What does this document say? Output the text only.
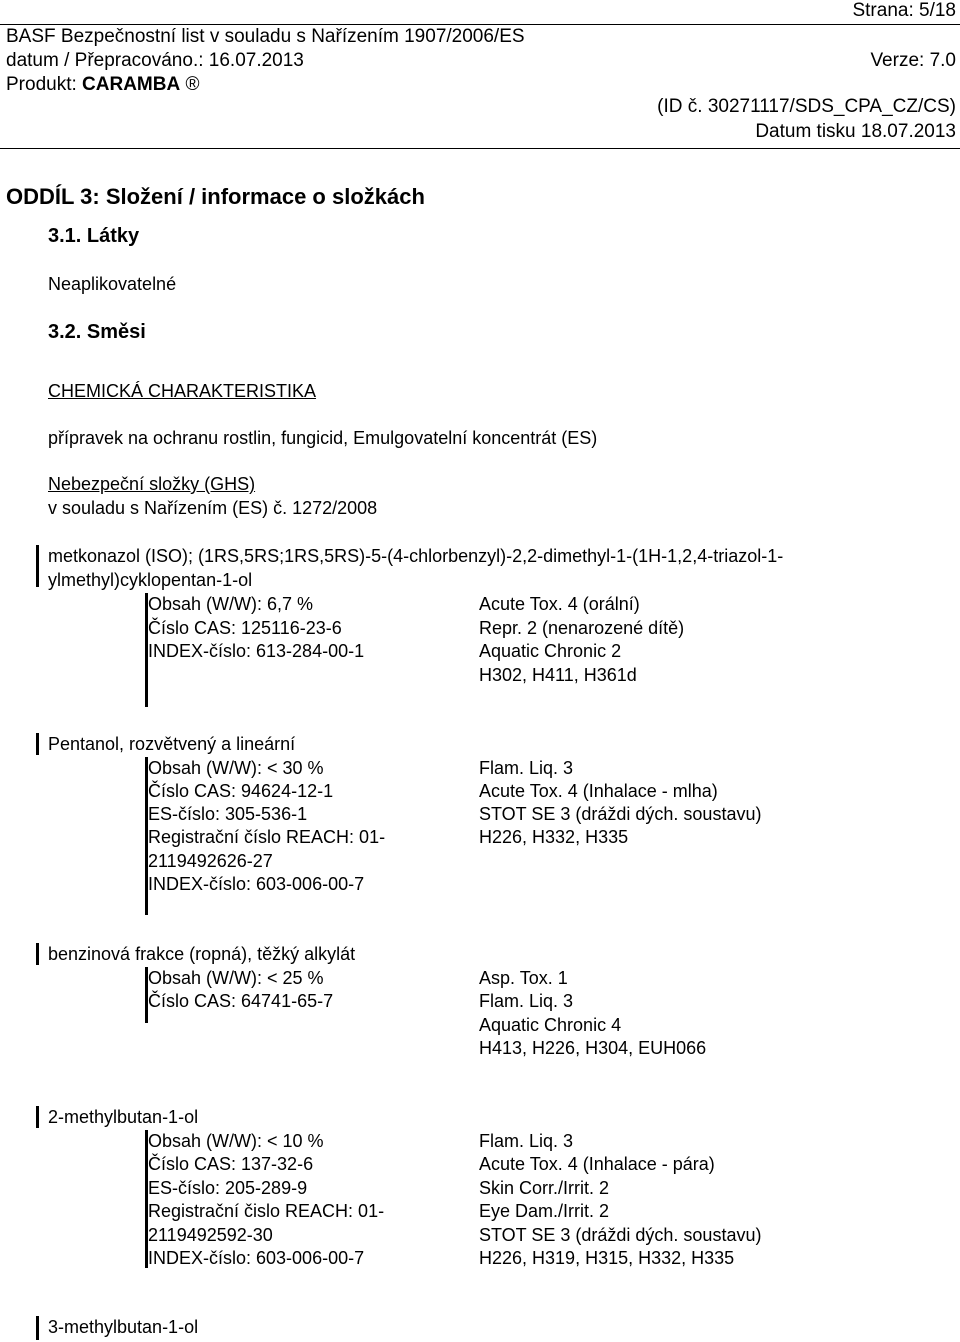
Strana: 5/18
BASF Bezpečnostní list v souladu s Nařízením 1907/2006/ES
datum / Přepracováno.: 16.07.2013	Verze: 7.0
Produkt: CARAMBA ®
(ID č. 30271117/SDS_CPA_CZ/CS)
Datum tisku 18.07.2013
ODDÍL 3: Složení / informace o složkách
3.1. Látky
Neaplikovatelné
3.2. Směsi
CHEMICKÁ CHARAKTERISTIKA
přípravek na ochranu rostlin, fungicid, Emulgovatelní koncentrát (ES)
Nebezpeční složky (GHS)
v souladu s Nařízením (ES) č. 1272/2008
metkonazol (ISO); (1RS,5RS;1RS,5RS)-5-(4-chlorbenzyl)-2,2-dimethyl-1-(1H-1,2,4-triazol-1-
ylmethyl)cyklopentan-1-ol
Obsah (W/W): 6,7 %
Číslo CAS: 125116-23-6
INDEX-číslo: 613-284-00-1
Acute Tox. 4 (orální)
Repr. 2 (nenarozené dítě)
Aquatic Chronic 2
H302, H411, H361d
Pentanol, rozvětvený a lineární
Obsah (W/W): < 30 %
Číslo CAS: 94624-12-1
ES-číslo: 305-536-1
Registrační číslo REACH: 01-
2119492626-27
INDEX-číslo: 603-006-00-7
Flam. Liq. 3
Acute Tox. 4 (Inhalace - mlha)
STOT SE 3 (dráždi dých. soustavu)
H226, H332, H335
benzinová frakce (ropná), těžký alkylát
Obsah (W/W): < 25 %
Číslo CAS: 64741-65-7
Asp. Tox. 1
Flam. Liq. 3
Aquatic Chronic 4
H413, H226, H304, EUH066
2-methylbutan-1-ol
Obsah (W/W): < 10 %
Číslo CAS: 137-32-6
ES-číslo: 205-289-9
Registrační čislo REACH: 01-
2119492592-30
INDEX-číslo: 603-006-00-7
Flam. Liq. 3
Acute Tox. 4 (Inhalace - pára)
Skin Corr./Irrit. 2
Eye Dam./Irrit. 2
STOT SE 3 (dráždi dých. soustavu)
H226, H319, H315, H332, H335
3-methylbutan-1-ol
